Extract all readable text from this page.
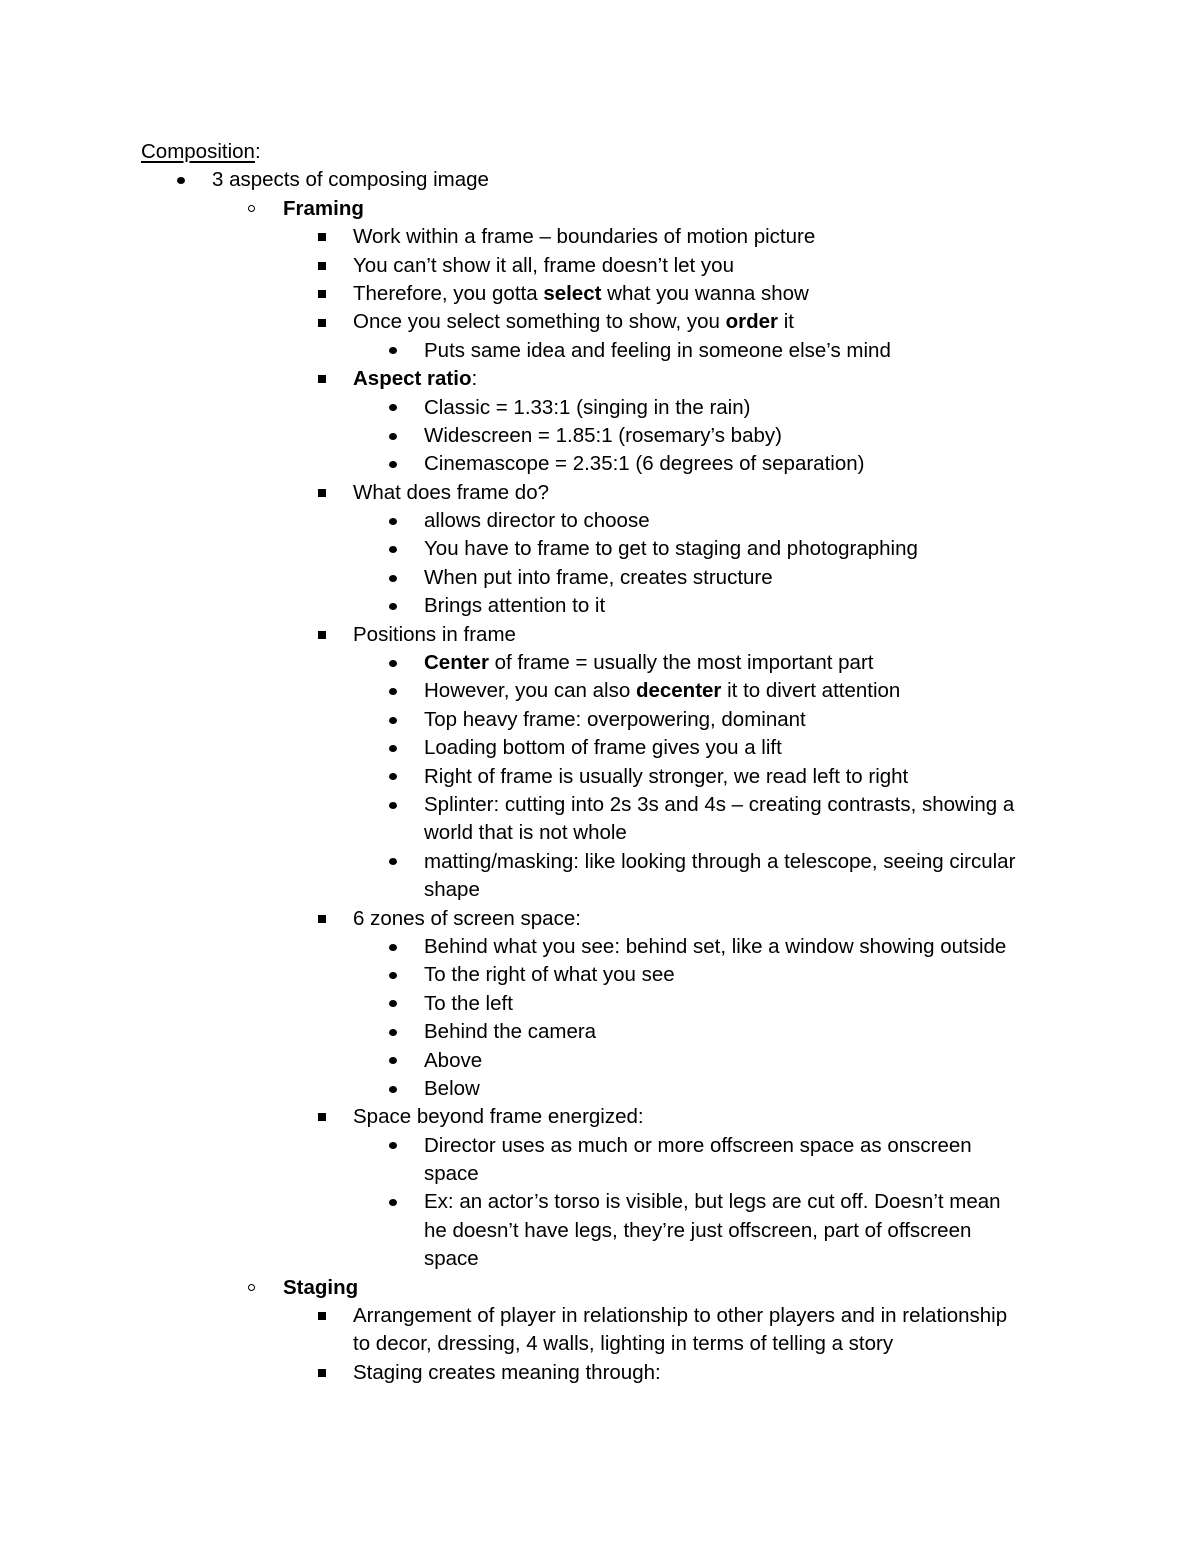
Composition:
3 aspects of composing image
Framing
Work within a frame – boundaries of motion picture
You can’t show it all, frame doesn’t let you
Therefore, you gotta select what you wanna show
Once you select something to show, you order it
Puts same idea and feeling in someone else’s mind
Aspect ratio:
Classic = 1.33:1 (singing in the rain)
Widescreen = 1.85:1 (rosemary’s baby)
Cinemascope = 2.35:1 (6 degrees of separation)
What does frame do?
allows director to choose
You have to frame to get to staging and photographing
When put into frame, creates structure
Brings attention to it
Positions in frame
Center of frame = usually the most important part
However, you can also decenter it to divert attention
Top heavy frame: overpowering, dominant
Loading bottom of frame gives you a lift
Right of frame is usually stronger, we read left to right
Splinter: cutting into 2s 3s and 4s – creating contrasts, showing a
world that is not whole
matting/masking: like looking through a telescope, seeing circular
shape
6 zones of screen space:
Behind what you see: behind set, like a window showing outside
To the right of what you see
To the left
Behind the camera
Above
Below
Space beyond frame energized:
Director uses as much or more offscreen space as onscreen
space
Ex: an actor’s torso is visible, but legs are cut off. Doesn’t mean
he doesn’t have legs, they’re just offscreen, part of offscreen
space
Staging
Arrangement of player in relationship to other players and in relationship
to decor, dressing, 4 walls, lighting in terms of telling a story
Staging creates meaning through:
